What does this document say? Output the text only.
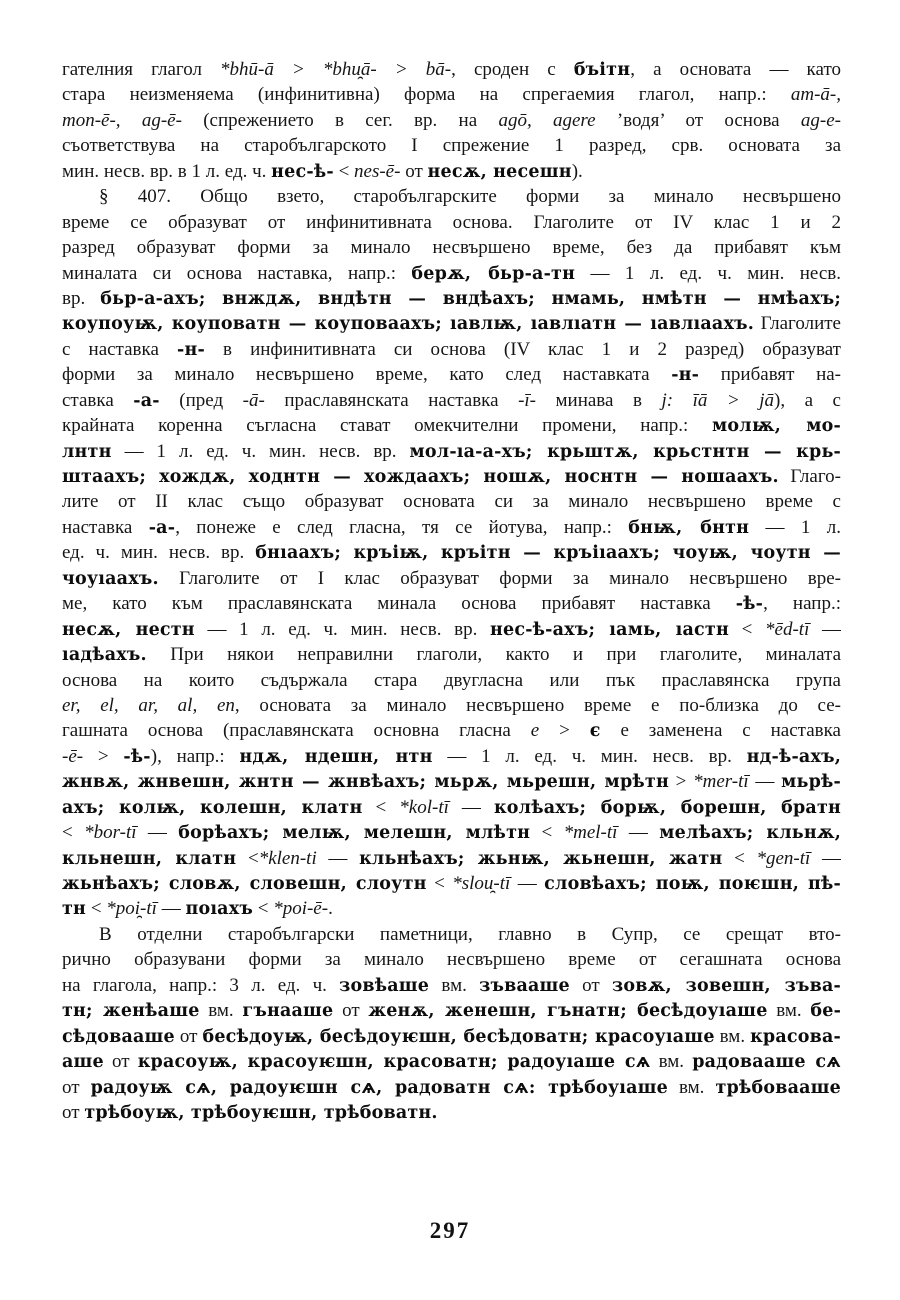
гателния глагол *bhū-ā > *bhu̯ā- > bā-, сроден с бъітн, а основата — като
стара неизменяема (инфинитивна) форма на спрегаемия глагол, напр.: am-ā-,
mon-ē-, ag-ē- (спрежението в сег. вр. на agō, agere ’водя’ от основа ag-e-
съответствува на старобългарското I спрежение 1 разред, срв. основата за
мин. несв. вр. в 1 л. ед. ч. нес-ѣ- < nes-ē- от несѫ, несешн).
§ 407. Общо взето, старобългарските форми за минало несвършено
време се образуват от инфинитивната основа. Глаголите от IV клас 1 и 2
разред образуват форми за минало несвършено време, без да прибавят към
миналата си основа наставка, напр.: берѫ, бьр-а-тн — 1 л. ед. ч. мин. несв.
вр. бьр-а-ахъ; внждѫ, вндѣтн — вндѣахъ; нмамь, нмѣтн — нмѣахъ;
коупоуѭ, коуповатн — коуповаахъ; ıавлѭ, ıавлıатн — ıавлıаахъ. Глаголите
с наставка -н- в инфинитивната си основа (IV клас 1 и 2 разред) образуват
форми за минало несвършено време, като след наставката -н- прибавят на-
ставка -а- (пред -ā- праславянската наставка -ī- минава в j: īā > jā), а с
крайната коренна съгласна стават омекчителни промени, напр.: молѭ, мо-
лнтн — 1 л. ед. ч. мин. несв. вр. мол-ıа-а-хъ; крьштѫ, крьстнтн — крь-
штаахъ; хождѫ, ходнтн — хождаахъ; ношѫ, носнтн — ношаахъ. Глаго-
лите от II клас също образуват основата си за минало несвършено време с
наставка -а-, понеже е след гласна, тя се йотува, напр.: бнѭ, бнтн — 1 л.
ед. ч. мин. несв. вр. бнıаахъ; кръіѭ, кръітн — кръіıаахъ; чоуѭ, чоутн —
чоуıаахъ. Глаголите от I клас образуват форми за минало несвършено вре-
ме, като към праславянската минала основа прибавят наставка -ѣ-, напр.:
несѫ, нестн — 1 л. ед. ч. мин. несв. вр. нес-ѣ-ахъ; ıамь, ıастн < *ēd-tī —
ıадѣахъ. При някои неправилни глаголи, както и при глаголите, миналата
основа на които съдържала стара двугласна или пък праславянска група
er, el, ar, al, en, основата за минало несвършено време е по-близка до се-
гашната основа (праславянската основна гласна e > є е заменена с наставка
-ē- > -ѣ-), напр.: ндѫ, ндешн, нтн — 1 л. ед. ч. мин. несв. вр. нд-ѣ-ахъ,
жнвѫ, жнвешн, жнтн — жнвѣахъ; мьрѫ, мьрешн, мрѣтн > *mer-tī — мьрѣ-
ахъ; колѭ, колешн, клатн < *kol-tī — колѣахъ; борѭ, борешн, братн
< *bor-tī — борѣахъ; мелѭ, мелешн, млѣтн < *mel-tī — мелѣахъ; кльнѫ,
кльнешн, клатн <*klen-ti — кльнѣахъ; жьнѭ, жьнешн, жатн < *gen-tī —
жьнѣахъ; словѫ, словешн, слоутн < *slou̯-tī — словѣахъ; поѭ, поѥшн, пѣ-
тн < *poi̯-tī — поıахъ < *poi-ē-.
В отделни старобългарски паметници, главно в Супр, се срещат вто-
рично образувани форми за минало несвършено време от сегашната основа
на глагола, напр.: 3 л. ед. ч. зовѣаше вм. зъвааше от зовѫ, зовешн, зъва-
тн; женѣаше вм. гънааше от женѫ, женешн, гънатн; бесѣдоуıаше вм. бе-
сѣдовааше от бесѣдоуѭ, бесѣдоуѥшн, бесѣдоватн; красоуıаше вм. красова-
аше от красоуѭ, красоуѥшн, красоватн; радоуıаше сѧ вм. радовааше сѧ
от радоуѭ сѧ, радоуѥшн сѧ, радоватн сѧ: трѣбоуıаше вм. трѣбовааше
от трѣбоуѭ, трѣбоуѥшн, трѣбоватн.
297
